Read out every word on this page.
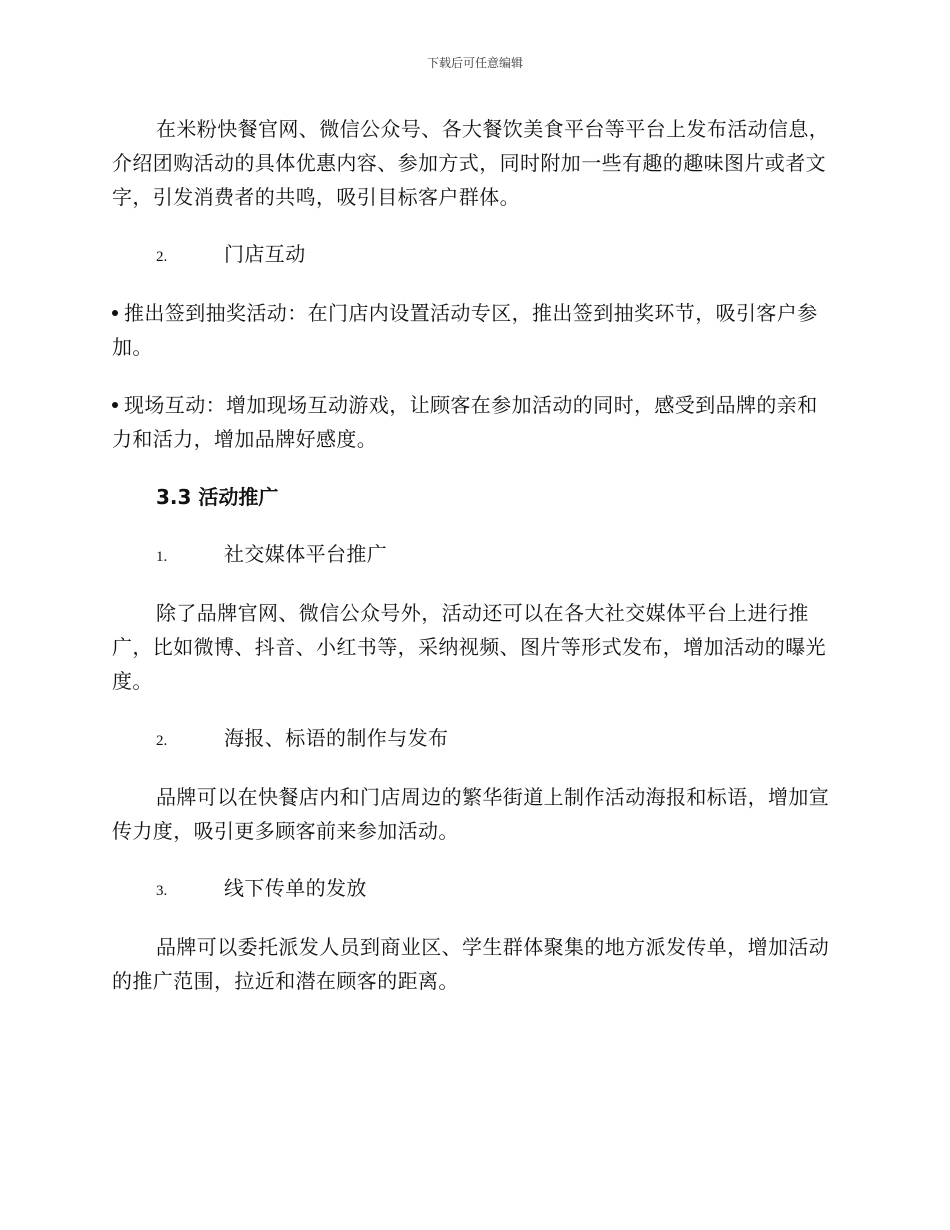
下载后可任意编辑

在米粉快餐官网、微信公众号、各大餐饮美食平台等平台上发布活动信息，介绍团购活动的具体优惠内容、参加方式，同时附加一些有趣的趣味图片或者文字，引发消费者的共鸣，吸引目标客户群体。

2.	门店互动

推出签到抽奖活动：在门店内设置活动专区，推出签到抽奖环节，吸引客户参加。

现场互动：增加现场互动游戏，让顾客在参加活动的同时，感受到品牌的亲和力和活力，增加品牌好感度。

3.3 活动推广
1.	社交媒体平台推广

除了品牌官网、微信公众号外，活动还可以在各大社交媒体平台上进行推广，比如微博、抖音、小红书等，采纳视频、图片等形式发布，增加活动的曝光度。

2.	海报、标语的制作与发布

品牌可以在快餐店内和门店周边的繁华街道上制作活动海报和标语，增加宣传力度，吸引更多顾客前来参加活动。

3.	线下传单的发放

品牌可以委托派发人员到商业区、学生群体聚集的地方派发传单，增加活动的推广范围，拉近和潜在顾客的距离。
